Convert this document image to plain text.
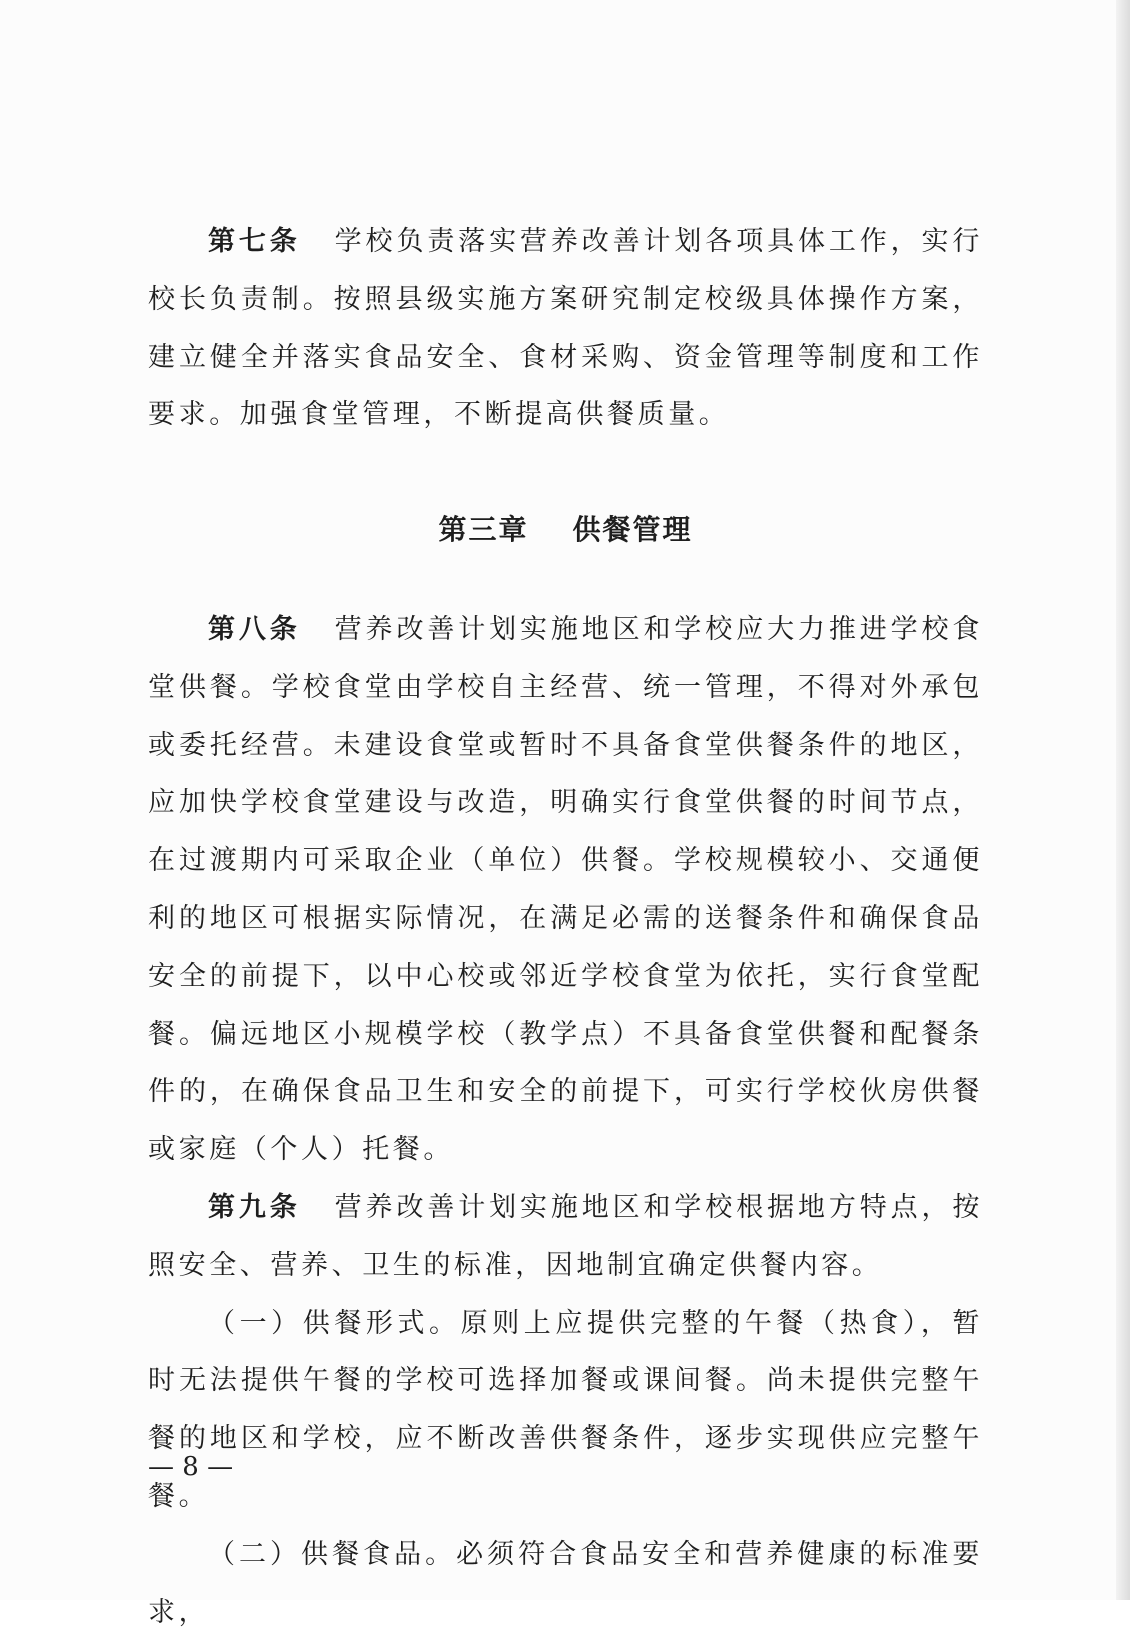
第七条 学校负责落实营养改善计划各项具体工作，实行校长负责制。按照县级实施方案研究制定校级具体操作方案，建立健全并落实食品安全、食材采购、资金管理等制度和工作要求。加强食堂管理，不断提高供餐质量。

第三章 供餐管理

第八条 营养改善计划实施地区和学校应大力推进学校食堂供餐。学校食堂由学校自主经营、统一管理，不得对外承包或委托经营。未建设食堂或暂时不具备食堂供餐条件的地区，应加快学校食堂建设与改造，明确实行食堂供餐的时间节点，在过渡期内可采取企业（单位）供餐。学校规模较小、交通便利的地区可根据实际情况，在满足必需的送餐条件和确保食品安全的前提下，以中心校或邻近学校食堂为依托，实行食堂配餐。偏远地区小规模学校（教学点）不具备食堂供餐和配餐条件的，在确保食品卫生和安全的前提下，可实行学校伙房供餐或家庭（个人）托餐。

第九条 营养改善计划实施地区和学校根据地方特点，按照安全、营养、卫生的标准，因地制宜确定供餐内容。

（一）供餐形式。原则上应提供完整的午餐（热食），暂时无法提供午餐的学校可选择加餐或课间餐。尚未提供完整午餐的地区和学校，应不断改善供餐条件，逐步实现供应完整午餐。

（二）供餐食品。必须符合食品安全和营养健康的标准要求，

— 8 —
